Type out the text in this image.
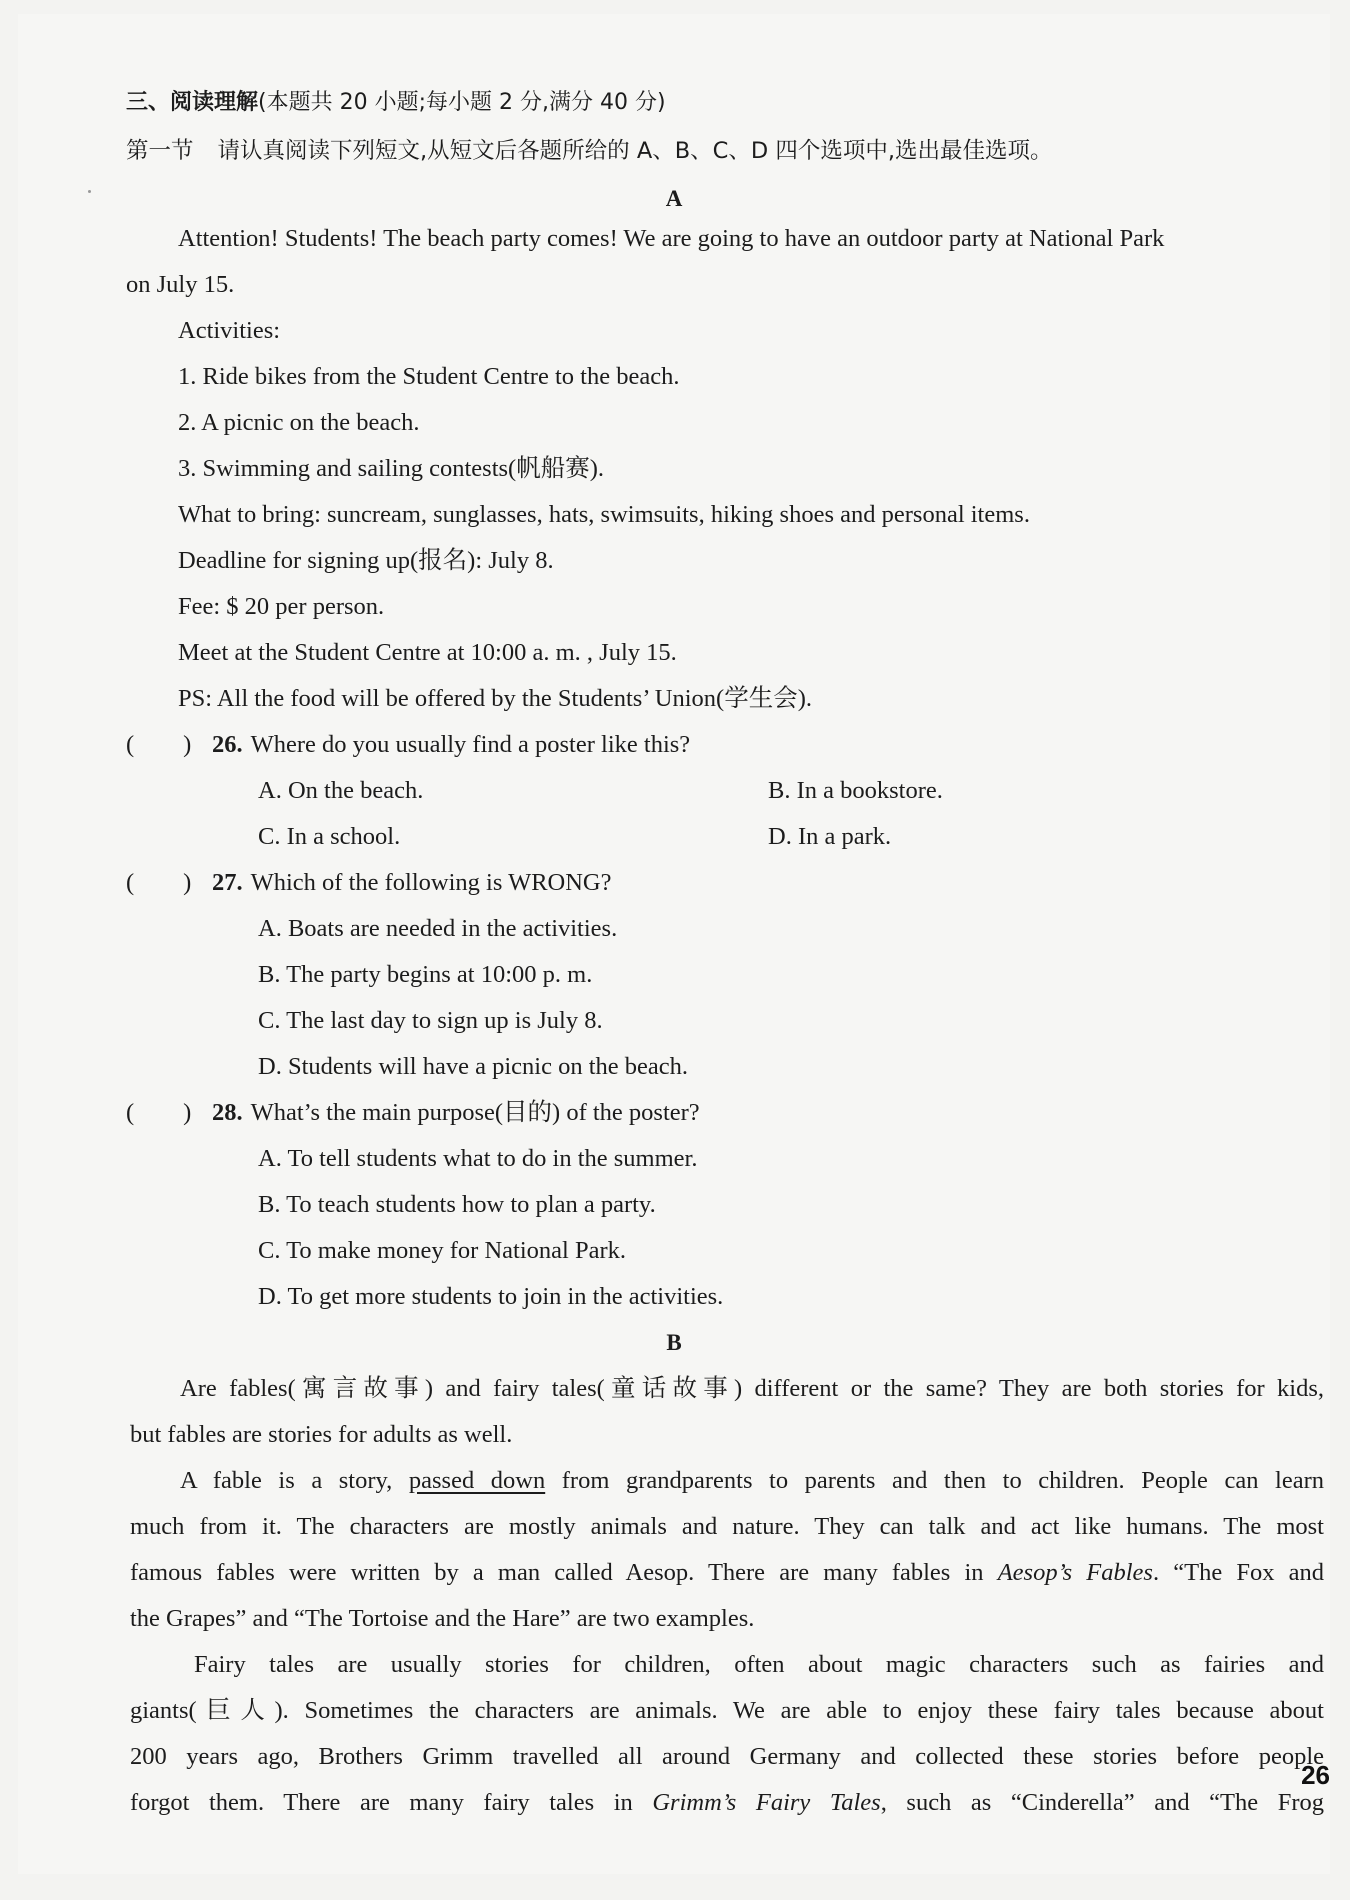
三、阅读理解(本题共 20 小题;每小题 2 分,满分 40 分)
第一节 请认真阅读下列短文,从短文后各题所给的 A、B、C、D 四个选项中,选出最佳选项。
A
Attention! Students! The beach party comes! We are going to have an outdoor party at National Park
on July 15.
Activities:
1. Ride bikes from the Student Centre to the beach.
2. A picnic on the beach.
3. Swimming and sailing contests(帆船赛).
What to bring: suncream, sunglasses, hats, swimsuits, hiking shoes and personal items.
Deadline for signing up(报名): July 8.
Fee: $ 20 per person.
Meet at the Student Centre at 10:00 a. m. , July 15.
PS: All the food will be offered by the Students’ Union(学生会).
(　　) 26. Where do you usually find a poster like this?
A. On the beach.	B. In a bookstore.
C. In a school.	D. In a park.
(　　) 27. Which of the following is WRONG?
A. Boats are needed in the activities.
B. The party begins at 10:00 p. m.
C. The last day to sign up is July 8.
D. Students will have a picnic on the beach.
(　　) 28. What’s the main purpose(目的) of the poster?
A. To tell students what to do in the summer.
B. To teach students how to plan a party.
C. To make money for National Park.
D. To get more students to join in the activities.
B
Are fables(寓言故事) and fairy tales(童话故事) different or the same? They are both stories for kids,
but fables are stories for adults as well.
A fable is a story, passed down from grandparents to parents and then to children. People can learn
much from it. The characters are mostly animals and nature. They can talk and act like humans. The most
famous fables were written by a man called Aesop. There are many fables in Aesop’s Fables. “The Fox and
the Grapes” and “The Tortoise and the Hare” are two examples.
Fairy tales are usually stories for children, often about magic characters such as fairies and
giants(巨人). Sometimes the characters are animals. We are able to enjoy these fairy tales because about
200 years ago, Brothers Grimm travelled all around Germany and collected these stories before people
forgot them. There are many fairy tales in Grimm’s Fairy Tales, such as “Cinderella” and “The Frog
26
